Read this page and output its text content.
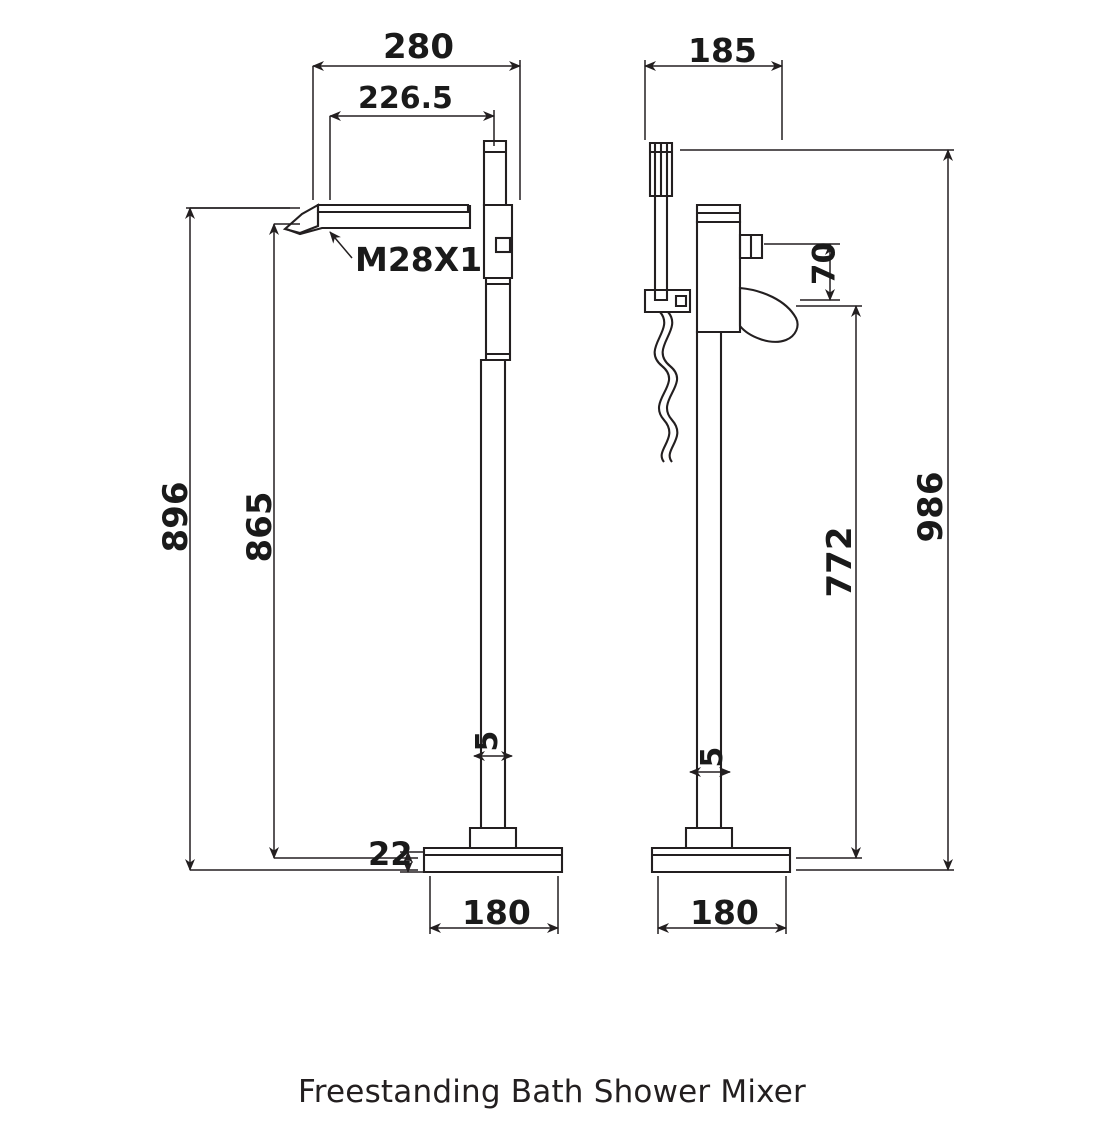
280
226.5
M28X1
896 865
5
22
180
185
70
986
772
5
180
Freestanding Bath Shower Mixer
